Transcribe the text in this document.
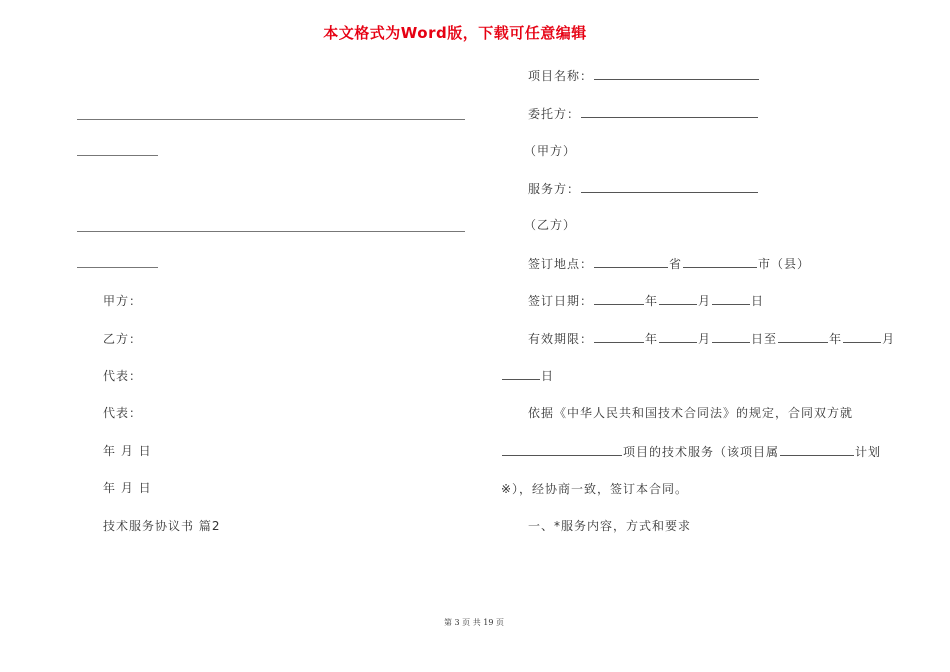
本文格式为Word版，下载可任意编辑
甲方：
乙方：
代表：
代表：
年 月 日
年 月 日
技术服务协议书 篇2
项目名称：
委托方：
（甲方）
服务方：
（乙方）
签订地点：	省	市（县）
签订日期：	年	月	日
有效期限：	年	月	日至	年	月
日
依据《中华人民共和国技术合同法》的规定，合同双方就
项目的技术服务（该项目属	计划
※），经协商一致，签订本合同。
一、*服务内容，方式和要求
第 3 页 共 19 页
